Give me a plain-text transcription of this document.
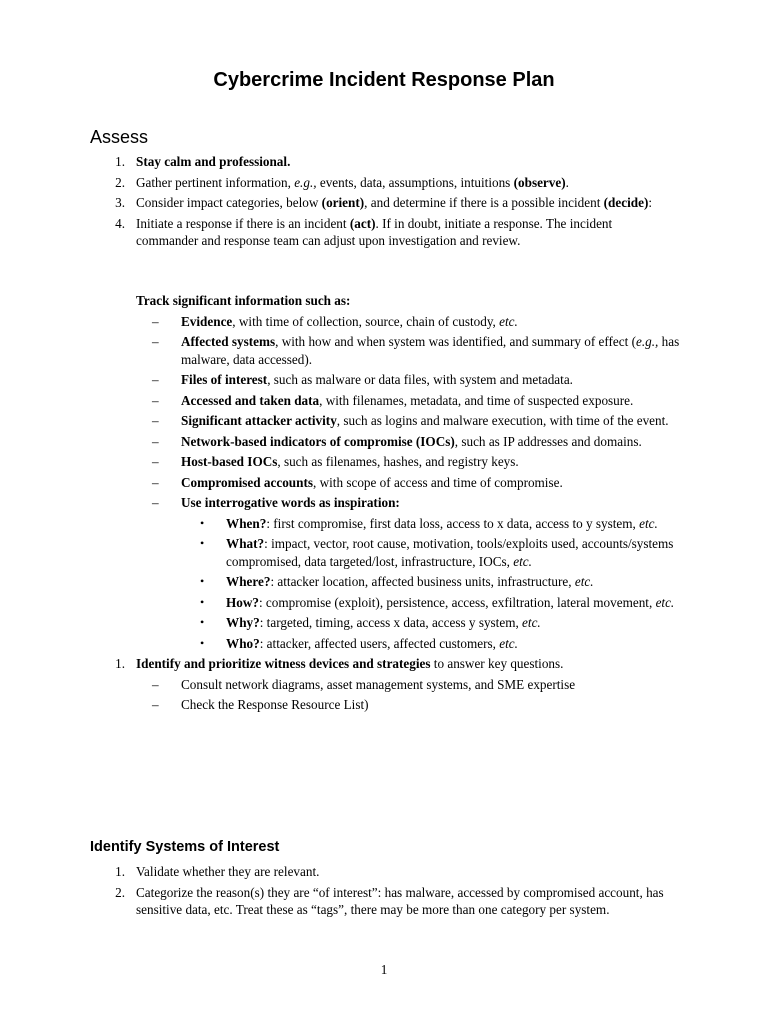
Cybercrime Incident Response Plan
Assess
1. Stay calm and professional.
2. Gather pertinent information, e.g., events, data, assumptions, intuitions (observe).
3. Consider impact categories, below (orient), and determine if there is a possible incident (decide):
4. Initiate a response if there is an incident (act). If in doubt, initiate a response. The incident commander and response team can adjust upon investigation and review.
Track significant information such as:
– Evidence, with time of collection, source, chain of custody, etc.
– Affected systems, with how and when system was identified, and summary of effect (e.g., has malware, data accessed).
– Files of interest, such as malware or data files, with system and metadata.
– Accessed and taken data, with filenames, metadata, and time of suspected exposure.
– Significant attacker activity, such as logins and malware execution, with time of the event.
– Network-based indicators of compromise (IOCs), such as IP addresses and domains.
– Host-based IOCs, such as filenames, hashes, and registry keys.
– Compromised accounts, with scope of access and time of compromise.
– Use interrogative words as inspiration:
• When?: first compromise, first data loss, access to x data, access to y system, etc.
• What?: impact, vector, root cause, motivation, tools/exploits used, accounts/systems compromised, data targeted/lost, infrastructure, IOCs, etc.
• Where?: attacker location, affected business units, infrastructure, etc.
• How?: compromise (exploit), persistence, access, exfiltration, lateral movement, etc.
• Why?: targeted, timing, access x data, access y system, etc.
• Who?: attacker, affected users, affected customers, etc.
1. Identify and prioritize witness devices and strategies to answer key questions.
– Consult network diagrams, asset management systems, and SME expertise
– Check the Response Resource List)
Identify Systems of Interest
1. Validate whether they are relevant.
2. Categorize the reason(s) they are “of interest”: has malware, accessed by compromised account, has sensitive data, etc. Treat these as “tags”, there may be more than one category per system.
1
